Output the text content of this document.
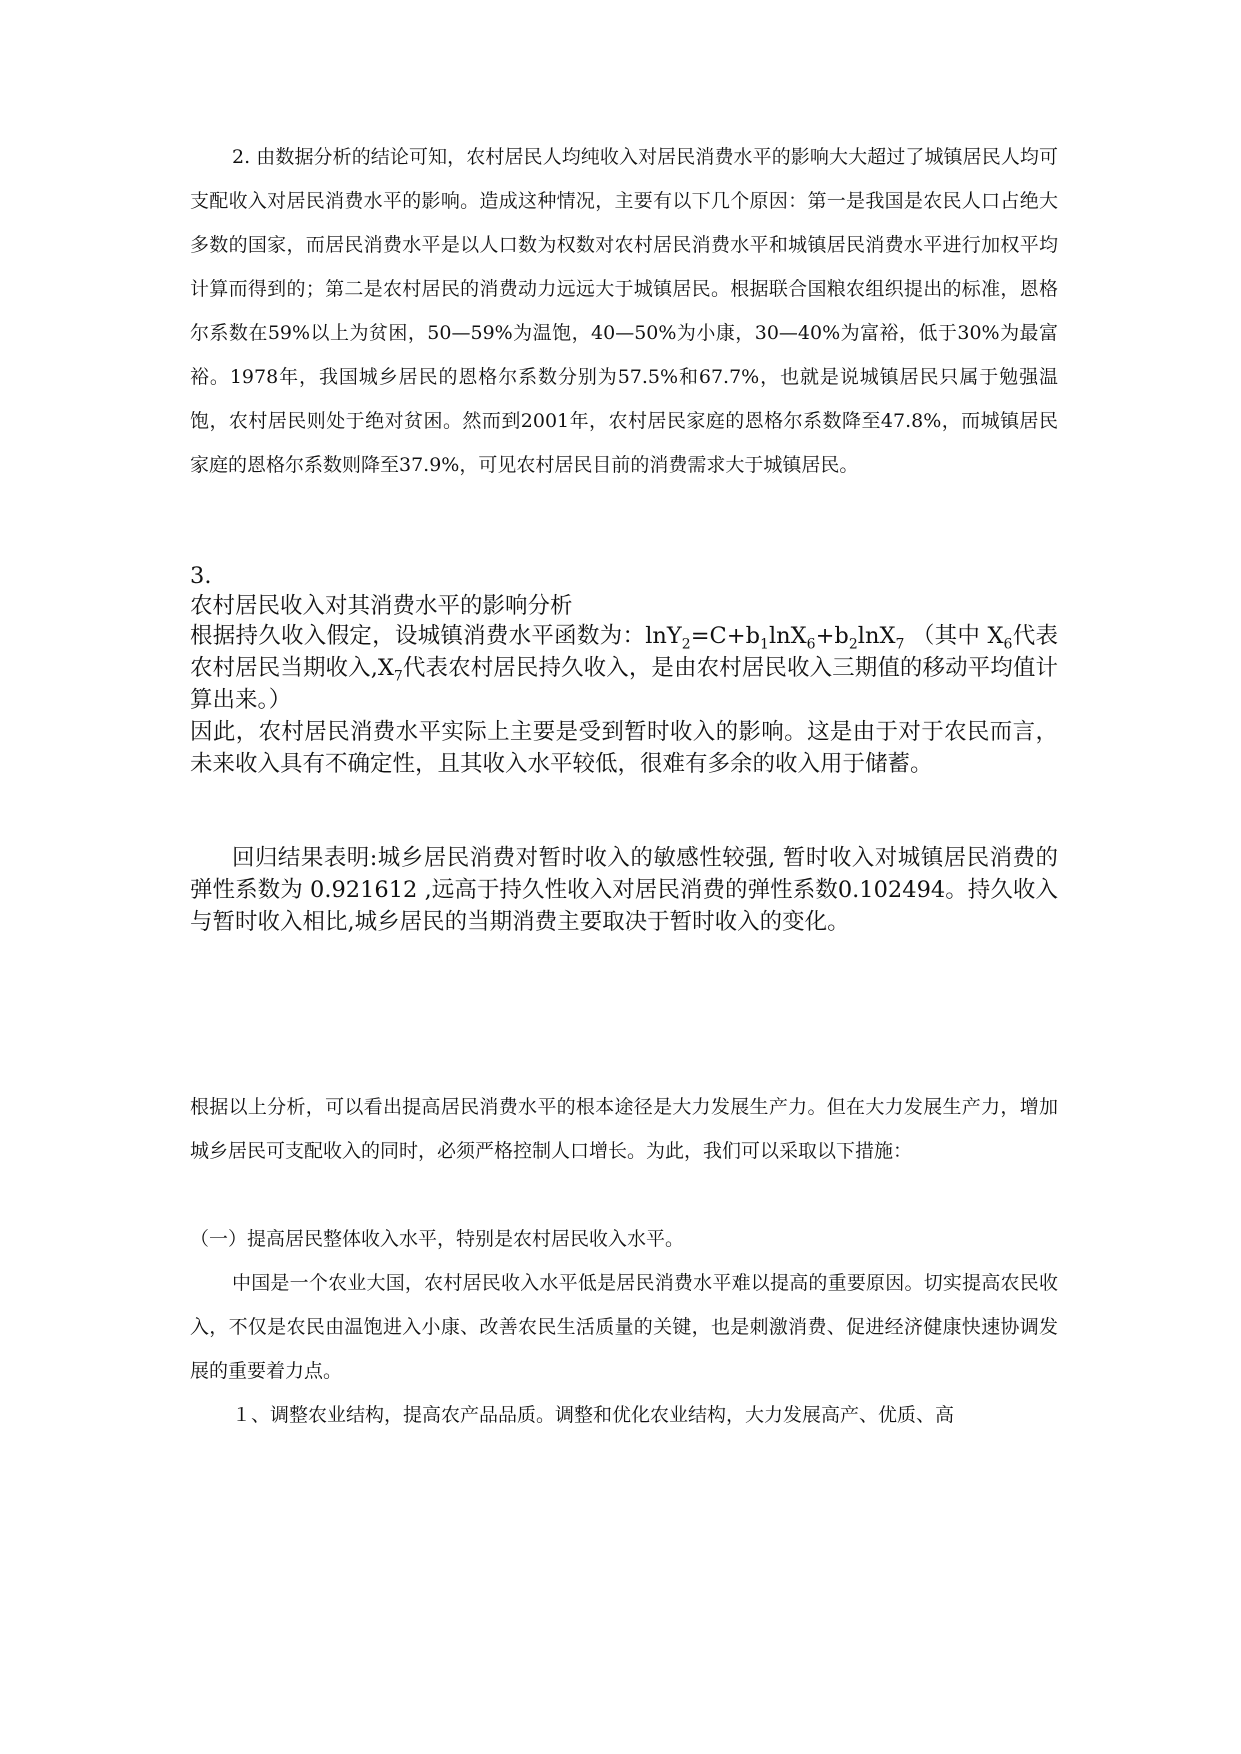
2. 由数据分析的结论可知，农村居民人均纯收入对居民消费水平的影响大大超过了城镇居民人均可支配收入对居民消费水平的影响。造成这种情况，主要有以下几个原因：第一是我国是农民人口占绝大多数的国家，而居民消费水平是以人口数为权数对农村居民消费水平和城镇居民消费水平进行加权平均计算而得到的；第二是农村居民的消费动力远远大于城镇居民。根据联合国粮农组织提出的标准，恩格尔系数在59%以上为贫困，50—59%为温饱，40—50%为小康，30—40%为富裕，低于30%为最富裕。1978年，我国城乡居民的恩格尔系数分别为57.5%和67.7%，也就是说城镇居民只属于勉强温饱，农村居民则处于绝对贫困。然而到2001年，农村居民家庭的恩格尔系数降至47.8%，而城镇居民家庭的恩格尔系数则降至37.9%，可见农村居民目前的消费需求大于城镇居民。

3.

农村居民收入对其消费水平的影响分析

根据持久收入假定，设城镇消费水平函数为：$\ln Y_2=C+b_1\ln X_6+b_2\ln X_7$ （其中 $X_6$代表农村居民当期收入$,X_7$代表农村居民持久收入，是由农村居民收入三期值的移动平均值计算出来。）

因此，农村居民消费水平实际上主要是受到暂时收入的影响。这是由于对于农民而言，未来收入具有不确定性，且其收入水平较低，很难有多余的收入用于储蓄。

回归结果表明:城乡居民消费对暂时收入的敏感性较强, 暂时收入对城镇居民消费的弹性系数为 0.921612 ,远高于持久性收入对居民消费的弹性系数0.102494。持久收入与暂时收入相比,城乡居民的当期消费主要取决于暂时收入的变化。

根据以上分析，可以看出提高居民消费水平的根本途径是大力发展生产力。但在大力发展生产力，增加城乡居民可支配收入的同时，必须严格控制人口增长。为此，我们可以采取以下措施：

（一）提高居民整体收入水平，特别是农村居民收入水平。

中国是一个农业大国，农村居民收入水平低是居民消费水平难以提高的重要原因。切实提高农民收入，不仅是农民由温饱进入小康、改善农民生活质量的关键，也是刺激消费、促进经济健康快速协调发展的重要着力点。

１、调整农业结构，提高农产品品质。调整和优化农业结构，大力发展高产、优质、高
